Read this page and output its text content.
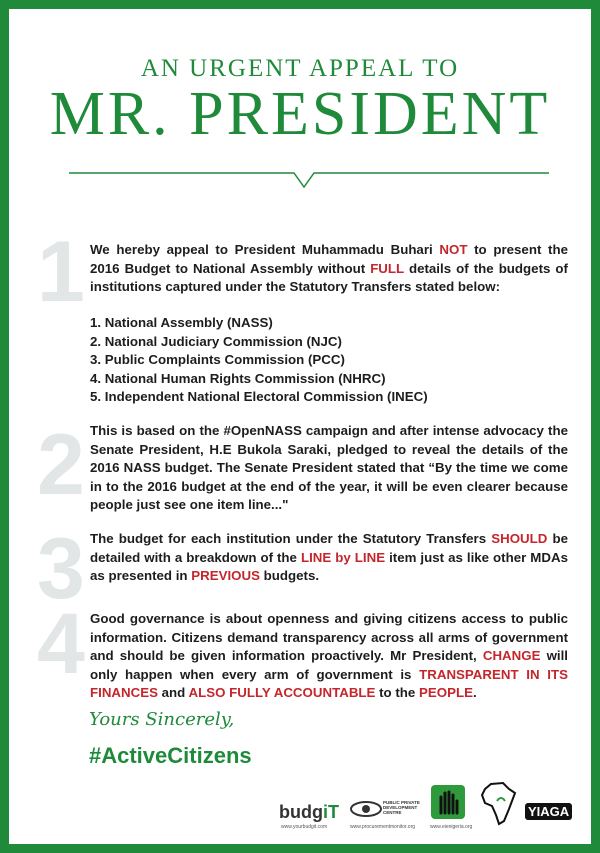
AN URGENT APPEAL TO
MR. PRESIDENT
1 We hereby appeal to President Muhammadu Buhari NOT to present the 2016 Budget to National Assembly without FULL details of the budgets of institutions captured under the Statutory Transfers stated below:
1. National Assembly (NASS)
2. National Judiciary Commission (NJC)
3. Public Complaints Commission (PCC)
4. National Human Rights Commission (NHRC)
5. Independent National Electoral Commission (INEC)
2 This is based on the #OpenNASS campaign and after intense advocacy the Senate President, H.E Bukola Saraki, pledged to reveal the details of the 2016 NASS budget. The Senate President stated that “By the time we come in to the 2016 budget at the end of the year, it will be even clearer because people just see one item line..."
3 The budget for each institution under the Statutory Transfers SHOULD be detailed with a breakdown of the LINE by LINE item just as like other MDAs as presented in PREVIOUS budgets.
4 Good governance is about openness and giving citizens access to public information. Citizens demand transparency across all arms of government and should be given information proactively. Mr President, CHANGE will only happen when every arm of government is TRANSPARENT IN ITS FINANCES and ALSO FULLY ACCOUNTABLE to the PEOPLE.
Yours Sincerely,
#ActiveCitizens
budgiT
www.yourbudgit.com
PUBLIC PRIVATE DEVELOPMENT CENTRE
www.procurementmonitor.org	www.eienigeria.org
YIAGA
